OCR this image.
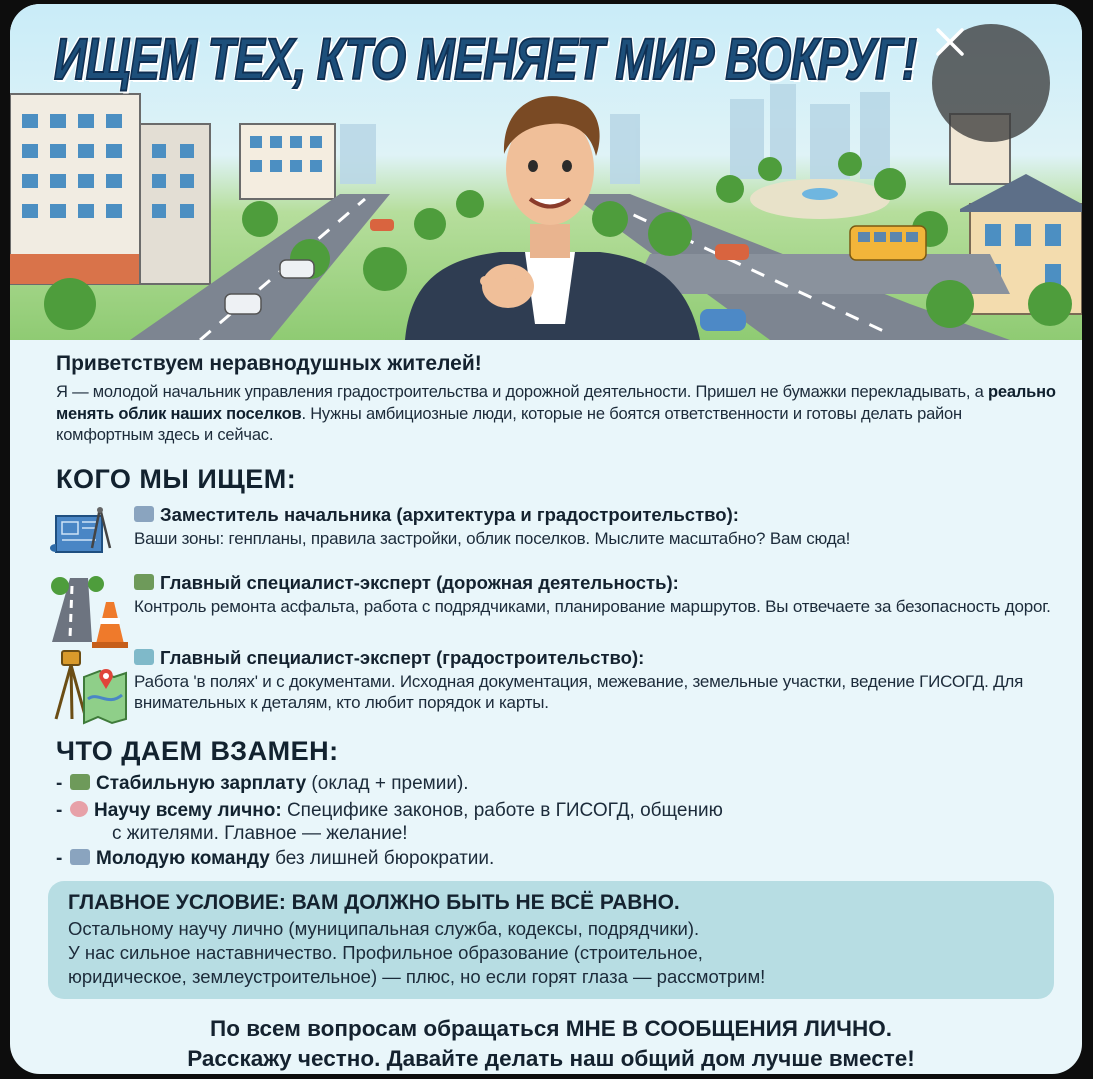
ИЩЕМ ТЕХ, КТО МЕНЯЕТ МИР ВОКРУГ!
Приветствуем неравнодушных жителей!
Я — молодой начальник управления градостроительства и дорожной деятельности. Пришел не бумажки перекладывать, а реально менять облик наших поселков. Нужны амбициозные люди, которые не боятся ответственности и готовы делать район комфортным здесь и сейчас.
КОГО МЫ ИЩЕМ:
Заместитель начальника (архитектура и градостроительство):
Ваши зоны: генпланы, правила застройки, облик поселков. Мыслите масштабно? Вам сюда!
Главный специалист-эксперт (дорожная деятельность):
Контроль ремонта асфальта, работа с подрядчиками, планирование маршрутов. Вы отвечаете за безопасность дорог.
Главный специалист-эксперт (градостроительство):
Работа 'в полях' и с документами. Исходная документация, межевание, земельные участки, ведение ГИСОГД. Для внимательных к деталям, кто любит порядок и карты.
ЧТО ДАЕМ ВЗАМЕН:
- Стабильную зарплату (оклад + премии).
- Научу всему лично: Специфике законов, работе в ГИСОГД, общению
с жителями. Главное — желание!
- Молодую команду без лишней бюрократии.
ГЛАВНОЕ УСЛОВИЕ: ВАМ ДОЛЖНО БЫТЬ НЕ ВСЁ РАВНО.
Остальному научу лично (муниципальная служба, кодексы, подрядчики).
У нас сильное наставничество. Профильное образование (строительное,
юридическое, землеустроительное) — плюс, но если горят глаза — рассмотрим!
По всем вопросам обращаться МНЕ В СООБЩЕНИЯ ЛИЧНО.
Расскажу честно. Давайте делать наш общий дом лучше вместе!
